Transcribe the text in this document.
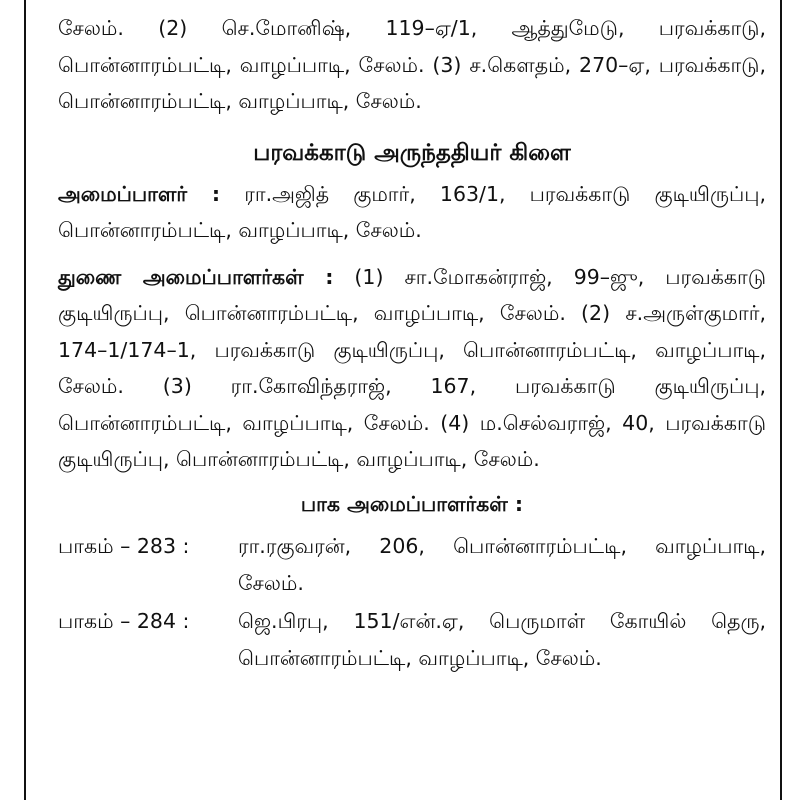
சேலம். (2) செ.மோனிஷ், 119–ஏ/1, ஆத்துமேடு, பரவக்காடு, பொன்னாரம்பட்டி, வாழப்பாடி, சேலம். (3) ச.கௌதம், 270–ஏ, பரவக்காடு, பொன்னாரம்பட்டி, வாழப்பாடி, சேலம்.

பரவக்காடு அருந்ததியர் கிளை

அமைப்பாளர் : ரா.அஜித் குமார், 163/1, பரவக்காடு குடியிருப்பு, பொன்னாரம்பட்டி, வாழப்பாடி, சேலம்.

துணை அமைப்பாளர்கள் : (1) சா.மோகன்ராஜ், 99–ஜு, பரவக்காடு குடியிருப்பு, பொன்னாரம்பட்டி, வாழப்பாடி, சேலம். (2) ச.அருள்குமார், 174–1/174–1, பரவக்காடு குடியிருப்பு, பொன்னாரம்பட்டி, வாழப்பாடி, சேலம். (3) ரா.கோவிந்தராஜ், 167, பரவக்காடு குடியிருப்பு, பொன்னாரம்பட்டி, வாழப்பாடி, சேலம். (4) ம.செல்வராஜ், 40, பரவக்காடு குடியிருப்பு, பொன்னாரம்பட்டி, வாழப்பாடி, சேலம்.

பாக அமைப்பாளர்கள் :
பாகம் – 283 :	ரா.ரகுவரன், 206, பொன்னாரம்பட்டி, வாழப்பாடி, சேலம்.
பாகம் – 284 :	ஜெ.பிரபு, 151/என்.ஏ, பெருமாள் கோயில் தெரு, பொன்னாரம்பட்டி, வாழப்பாடி, சேலம்.
